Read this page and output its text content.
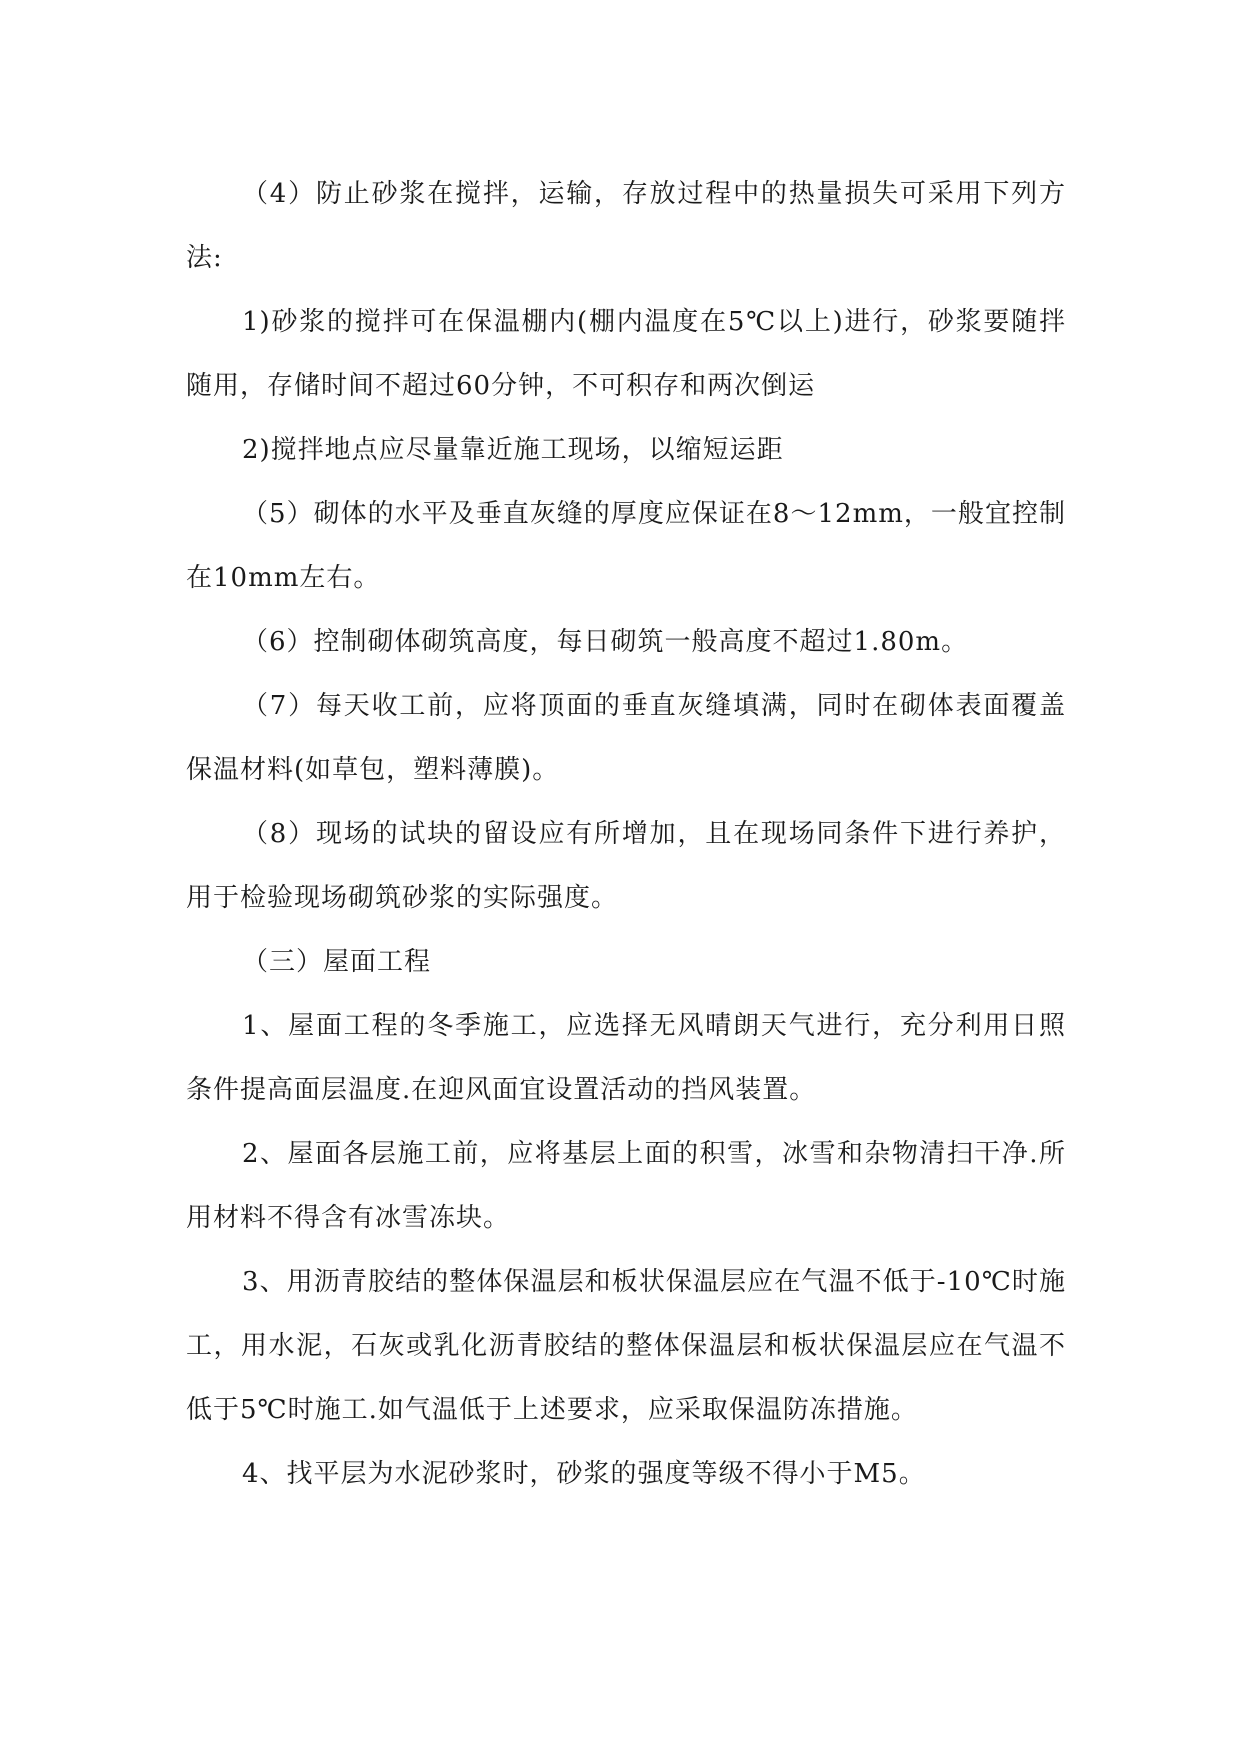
（4）防止砂浆在搅拌，运输，存放过程中的热量损失可采用下列方法:

1)砂浆的搅拌可在保温棚内(棚内温度在5℃以上)进行，砂浆要随拌随用，存储时间不超过60分钟，不可积存和两次倒运

2)搅拌地点应尽量靠近施工现场，以缩短运距

（5）砌体的水平及垂直灰缝的厚度应保证在8～12mm，一般宜控制在10mm左右。

（6）控制砌体砌筑高度，每日砌筑一般高度不超过1.80m。

（7）每天收工前，应将顶面的垂直灰缝填满，同时在砌体表面覆盖保温材料(如草包，塑料薄膜)。

（8）现场的试块的留设应有所增加，且在现场同条件下进行养护，用于检验现场砌筑砂浆的实际强度。

（三）屋面工程

1、屋面工程的冬季施工，应选择无风晴朗天气进行，充分利用日照条件提高面层温度.在迎风面宜设置活动的挡风装置。

2、屋面各层施工前，应将基层上面的积雪，冰雪和杂物清扫干净.所用材料不得含有冰雪冻块。

3、用沥青胶结的整体保温层和板状保温层应在气温不低于-10℃时施工，用水泥，石灰或乳化沥青胶结的整体保温层和板状保温层应在气温不低于5℃时施工.如气温低于上述要求，应采取保温防冻措施。

4、找平层为水泥砂浆时，砂浆的强度等级不得小于M5。
